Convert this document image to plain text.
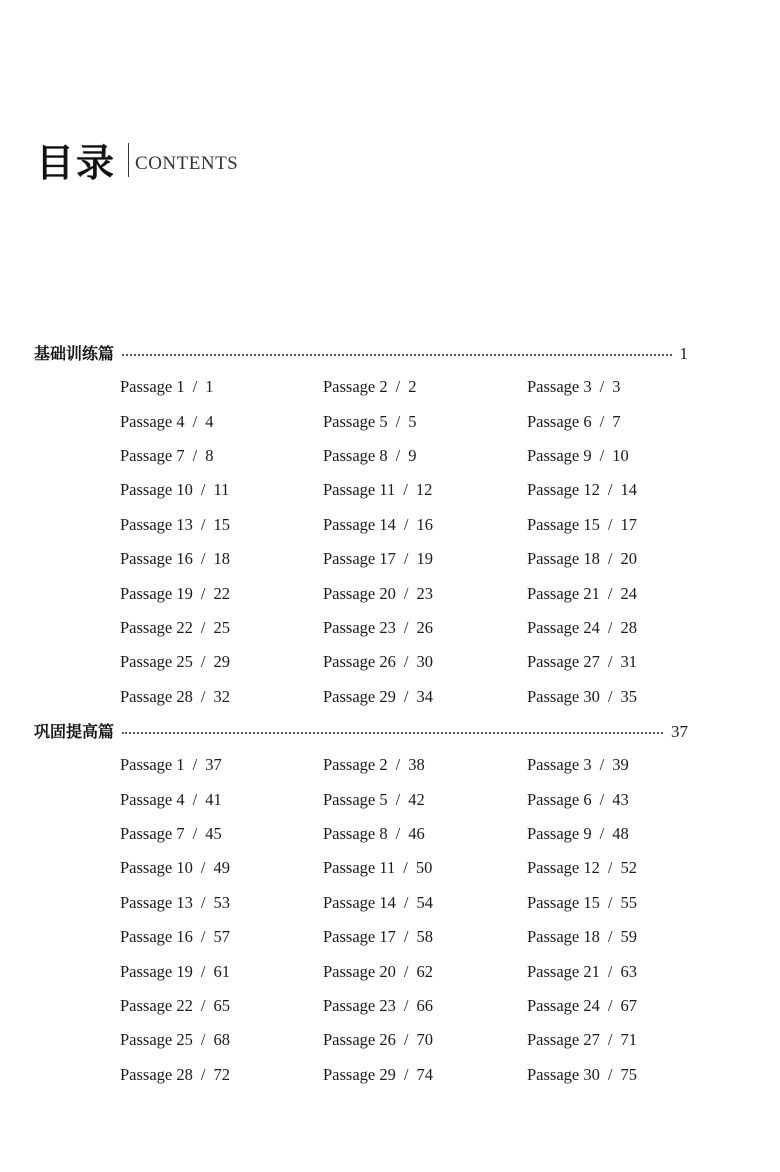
目录 CONTENTS
基础训练篇	1
Passage 1 / 1	Passage 2 / 2	Passage 3 / 3
Passage 4 / 4	Passage 5 / 5	Passage 6 / 7
Passage 7 / 8	Passage 8 / 9	Passage 9 / 10
Passage 10 / 11	Passage 11 / 12	Passage 12 / 14
Passage 13 / 15	Passage 14 / 16	Passage 15 / 17
Passage 16 / 18	Passage 17 / 19	Passage 18 / 20
Passage 19 / 22	Passage 20 / 23	Passage 21 / 24
Passage 22 / 25	Passage 23 / 26	Passage 24 / 28
Passage 25 / 29	Passage 26 / 30	Passage 27 / 31
Passage 28 / 32	Passage 29 / 34	Passage 30 / 35
巩固提高篇	37
Passage 1 / 37	Passage 2 / 38	Passage 3 / 39
Passage 4 / 41	Passage 5 / 42	Passage 6 / 43
Passage 7 / 45	Passage 8 / 46	Passage 9 / 48
Passage 10 / 49	Passage 11 / 50	Passage 12 / 52
Passage 13 / 53	Passage 14 / 54	Passage 15 / 55
Passage 16 / 57	Passage 17 / 58	Passage 18 / 59
Passage 19 / 61	Passage 20 / 62	Passage 21 / 63
Passage 22 / 65	Passage 23 / 66	Passage 24 / 67
Passage 25 / 68	Passage 26 / 70	Passage 27 / 71
Passage 28 / 72	Passage 29 / 74	Passage 30 / 75
